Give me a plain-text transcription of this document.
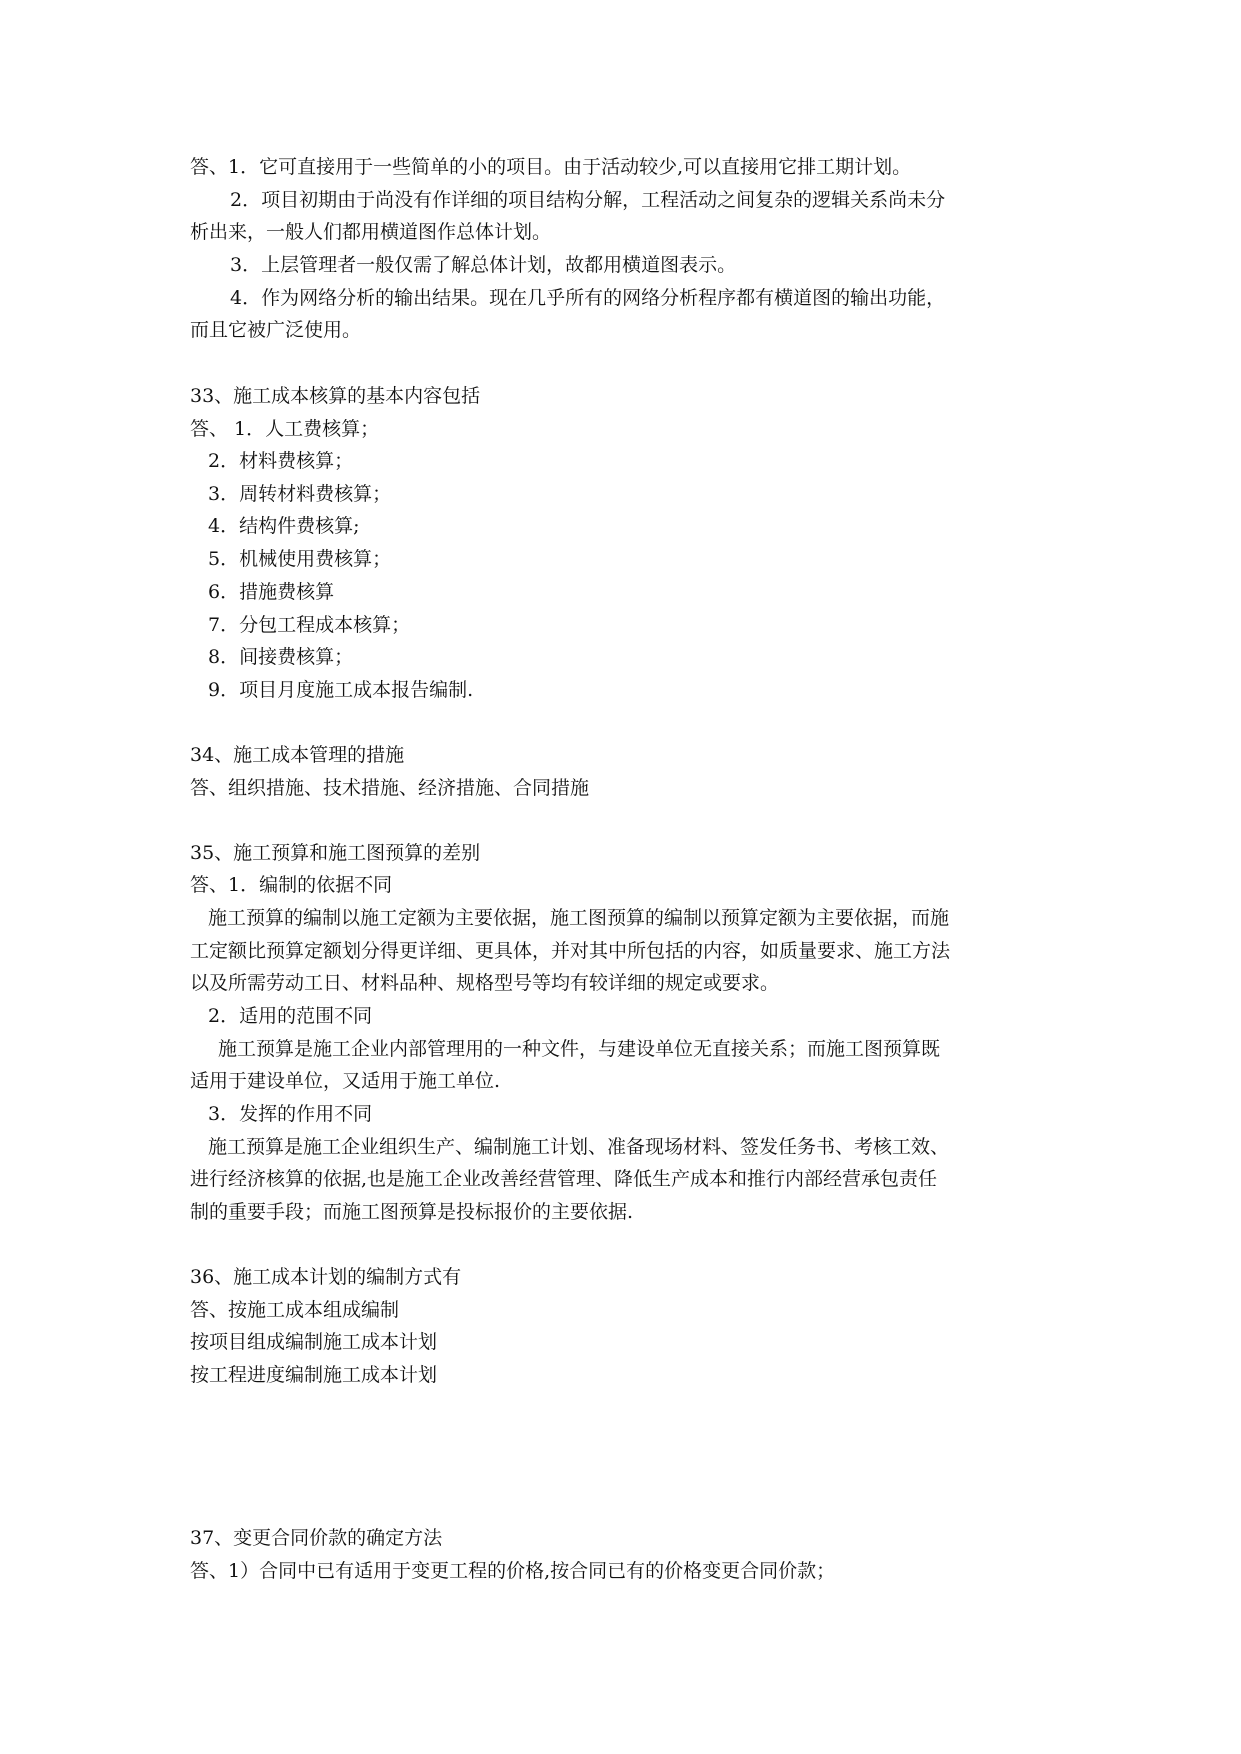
答、1．它可直接用于一些简单的小的项目。由于活动较少,可以直接用它排工期计划。
2．项目初期由于尚没有作详细的项目结构分解，工程活动之间复杂的逻辑关系尚未分
析出来，一般人们都用横道图作总体计划。
3．上层管理者一般仅需了解总体计划，故都用横道图表示。
4．作为网络分析的输出结果。现在几乎所有的网络分析程序都有横道图的输出功能，
而且它被广泛使用。
33、施工成本核算的基本内容包括
答、 1．人工费核算；
2．材料费核算；
3．周转材料费核算；
4．结构件费核算;
5．机械使用费核算；
6．措施费核算
7．分包工程成本核算；
8．间接费核算；
9．项目月度施工成本报告编制.
34、施工成本管理的措施
答、组织措施、技术措施、经济措施、合同措施
35、施工预算和施工图预算的差别
答、1．编制的依据不同
施工预算的编制以施工定额为主要依据，施工图预算的编制以预算定额为主要依据，而施
工定额比预算定额划分得更详细、更具体，并对其中所包括的内容，如质量要求、施工方法
以及所需劳动工日、材料品种、规格型号等均有较详细的规定或要求。
2．适用的范围不同
施工预算是施工企业内部管理用的一种文件，与建设单位无直接关系；而施工图预算既
适用于建设单位，又适用于施工单位.
3．发挥的作用不同
施工预算是施工企业组织生产、编制施工计划、准备现场材料、签发任务书、考核工效、
进行经济核算的依据,也是施工企业改善经营管理、降低生产成本和推行内部经营承包责任
制的重要手段；而施工图预算是投标报价的主要依据.
36、施工成本计划的编制方式有
答、按施工成本组成编制
按项目组成编制施工成本计划
按工程进度编制施工成本计划
37、变更合同价款的确定方法
答、1）合同中已有适用于变更工程的价格,按合同已有的价格变更合同价款；
